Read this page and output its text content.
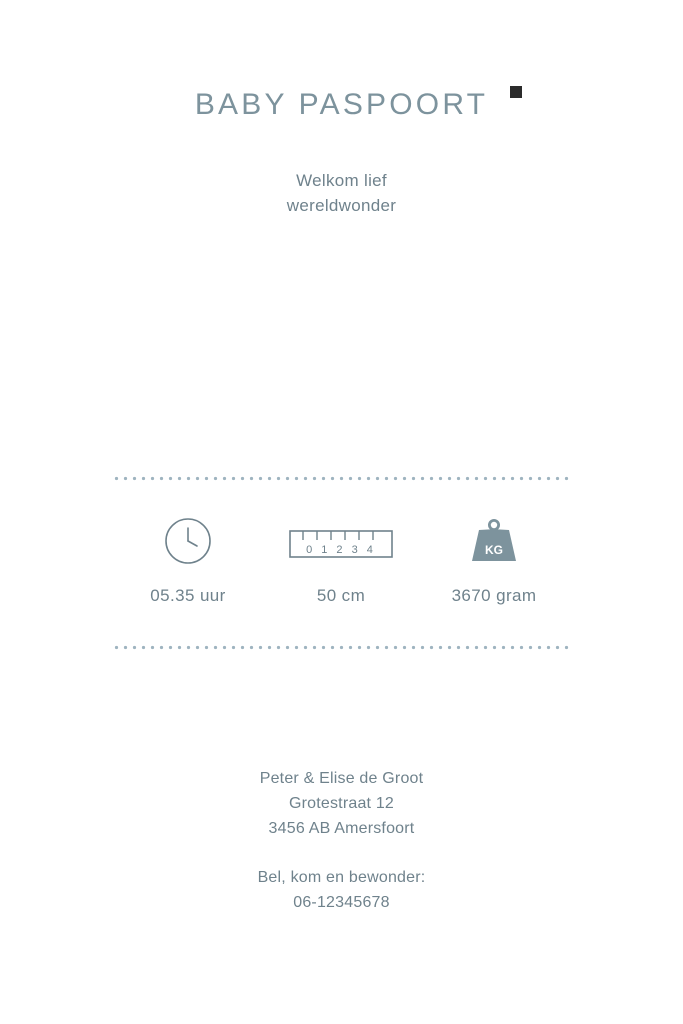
BABY PASPOORT
Welkom lief
wereldwonder
05.35 uur
0 1 2 3 4
50 cm
KG
3670 gram
Peter & Elise de Groot
Grotestraat 12
3456 AB Amersfoort
Bel, kom en bewonder:
06-12345678
